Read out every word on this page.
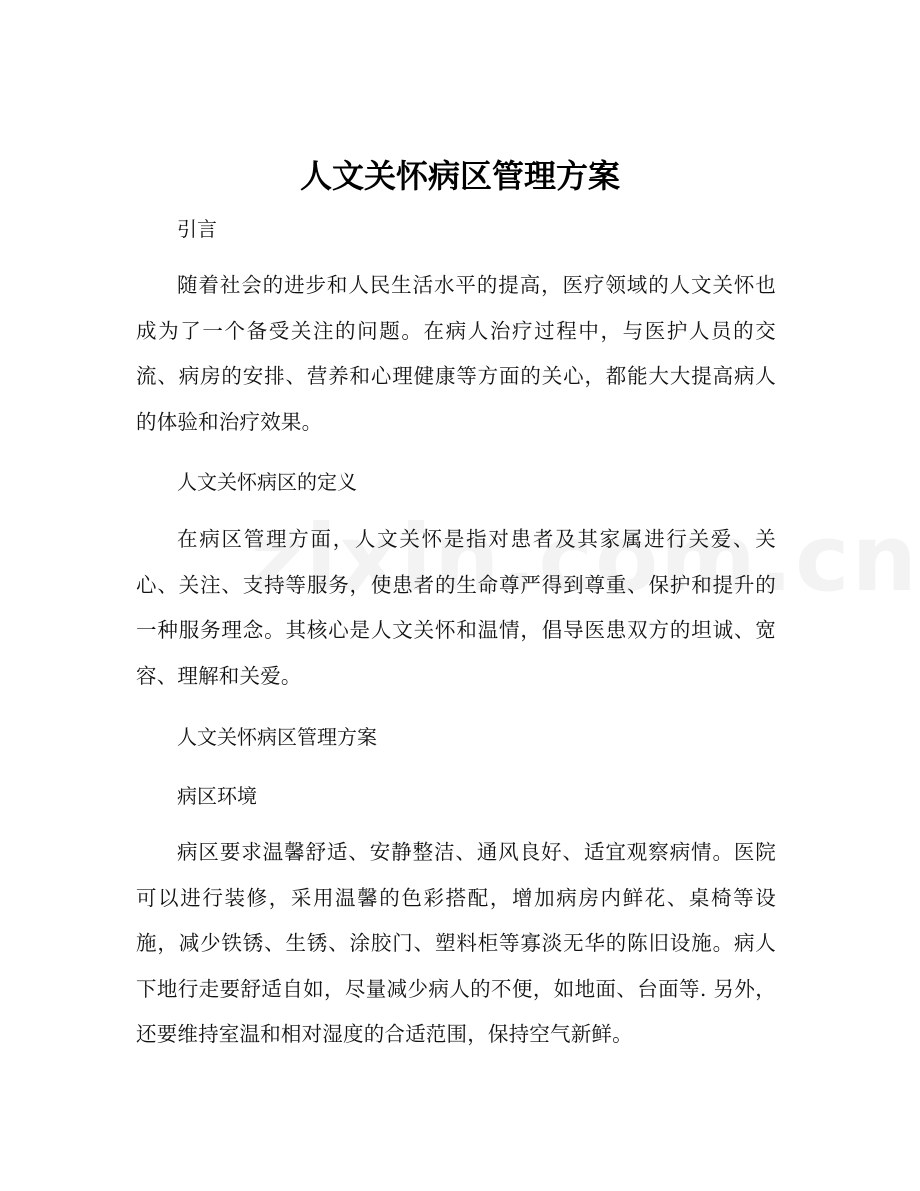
人文关怀病区管理方案
引言

随着社会的进步和人民生活水平的提高，医疗领域的人文关怀也成为了一个备受关注的问题。在病人治疗过程中，与医护人员的交流、病房的安排、营养和心理健康等方面的关心，都能大大提高病人的体验和治疗效果。

人文关怀病区的定义

在病区管理方面，人文关怀是指对患者及其家属进行关爱、关心、关注、支持等服务，使患者的生命尊严得到尊重、保护和提升的一种服务理念。其核心是人文关怀和温情，倡导医患双方的坦诚、宽容、理解和关爱。

人文关怀病区管理方案
病区环境

病区要求温馨舒适、安静整洁、通风良好、适宜观察病情。医院可以进行装修，采用温馨的色彩搭配，增加病房内鲜花、桌椅等设施，减少铁锈、生锈、涂胶门、塑料柜等寡淡无华的陈旧设施。病人下地行走要舒适自如，尽量减少病人的不便，如地面、台面等. 另外，还要维持室温和相对湿度的合适范围，保持空气新鲜。
